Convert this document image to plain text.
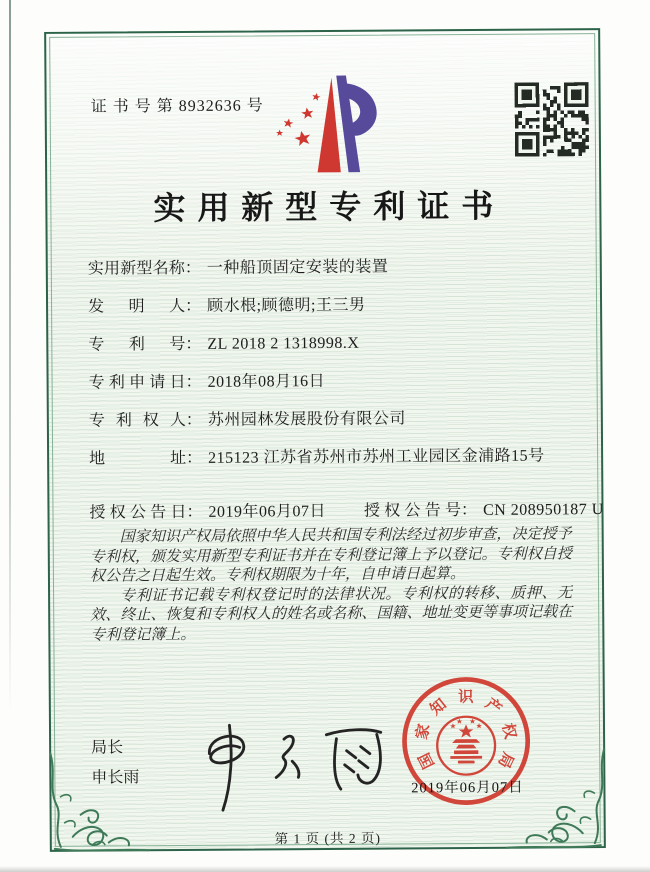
证 书 号 第 8932636 号
实用新型专利证书
实用新型名称： 一种船顶固定安装的装置
发明人： 顾水根;顾德明;王三男
专利号： ZL 2018 2 1318998.X
专利申请日： 2018年08月16日
专利权人： 苏州园林发展股份有限公司
地址： 215123 江苏省苏州市苏州工业园区金浦路15号
授权公告日： 2019年06月07日 授权公告号： CN 208950187 U

国家知识产权局依照中华人民共和国专利法经过初步审查，决定授予专利权，颁发实用新型专利证书并在专利登记簿上予以登记。专利权自授权公告之日起生效。专利权期限为十年，自申请日起算。

专利证书记载专利权登记时的法律状况。专利权的转移、质押、无效、终止、恢复和专利权人的姓名或名称、国籍、地址变更等事项记载在专利登记簿上。

局长
申长雨
国
家
知 识 产
权
局
2019年06月07日
第 1 页 (共 2 页)
